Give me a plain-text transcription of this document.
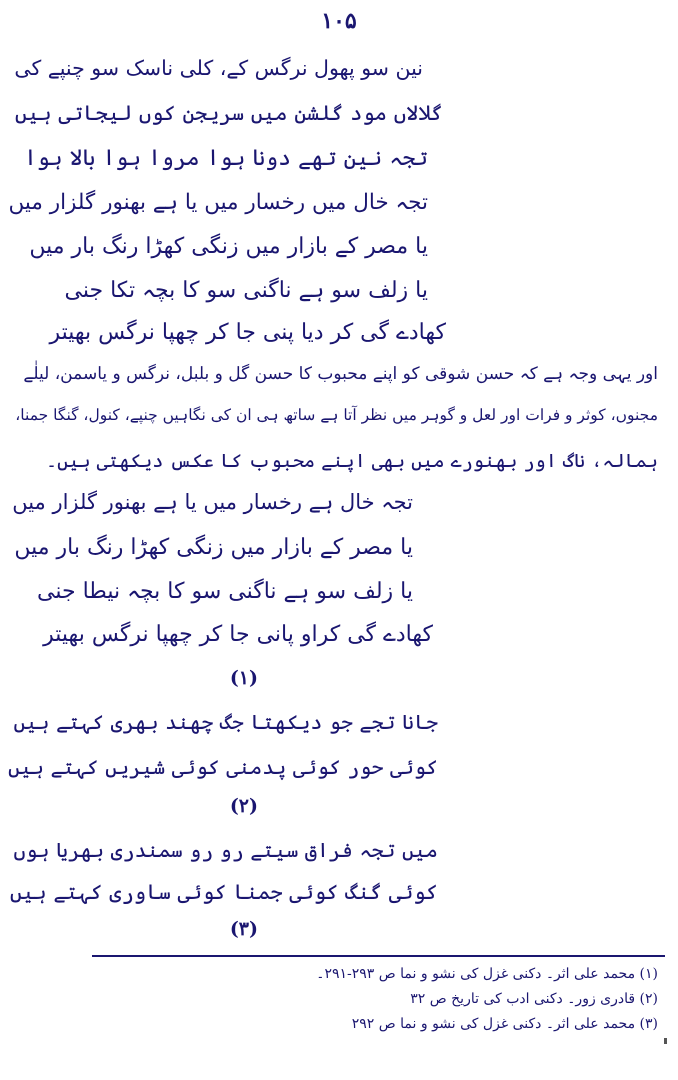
۱۰۵
نین سو پھول نرگس کے، کلی ناسک سو چنپے کی
گلالاں مود گلشن میں سریجن کوں لیجاتی ہیں
تجہ نین تھے دونا ہوا مروا ہوا بالا ہوا
تجہ خال میں رخسار میں یا ہے بھنور گلزار میں
یا مصر کے بازار میں زنگی کھڑا رنگ بار میں
یا زلف سو ہے ناگنی سو کا بچہ تکا جنی
کھادے گی کر دیا پنی جا کر چھپا نرگس بھیتر
اور یہی وجہ ہے کہ حسن شوقی کو اپنے محبوب کا حسن گل و بلبل، نرگس و یاسمن، لیلٰے
مجنوں، کوثر و فرات اور لعل و گوہر میں نظر آتا ہے ساتھ ہی ان کی نگاہیں چنپے، کنول، گنگا جمنا،
ہمالہ، ناگ اور بھنورے میں بھی اپنے محبوب کا عکس دیکھتی ہیں۔
تجہ خال ہے رخسار میں یا ہے بھنور گلزار میں
یا مصر کے بازار میں زنگی کھڑا رنگ بار میں
یا زلف سو ہے ناگنی سو کا بچہ نیطا جنی
کھادے گی کراو پانی جا کر چھپا نرگس بھیتر
(۱)
جانا تجے جو دیکھتا جگ چھند بھری کہتے ہیں
کوئی حور کوئی پدمنی کوئی شیریں کہتے ہیں
(۲)
میں تجہ فراق سیتے رو رو سمندری بھریا ہوں
کوئی گنگ کوئی جمنا کوئی ساوری کہتے ہیں
(۳)
(۱) محمد علی اثر۔ دکنی غزل کی نشو و نما ص ۲۹۳-۲۹۱۔
(۲) قادری زور۔ دکنی ادب کی تاریخ ص ۳۲
(۳) محمد علی اثر۔ دکنی غزل کی نشو و نما ص ۲۹۲
